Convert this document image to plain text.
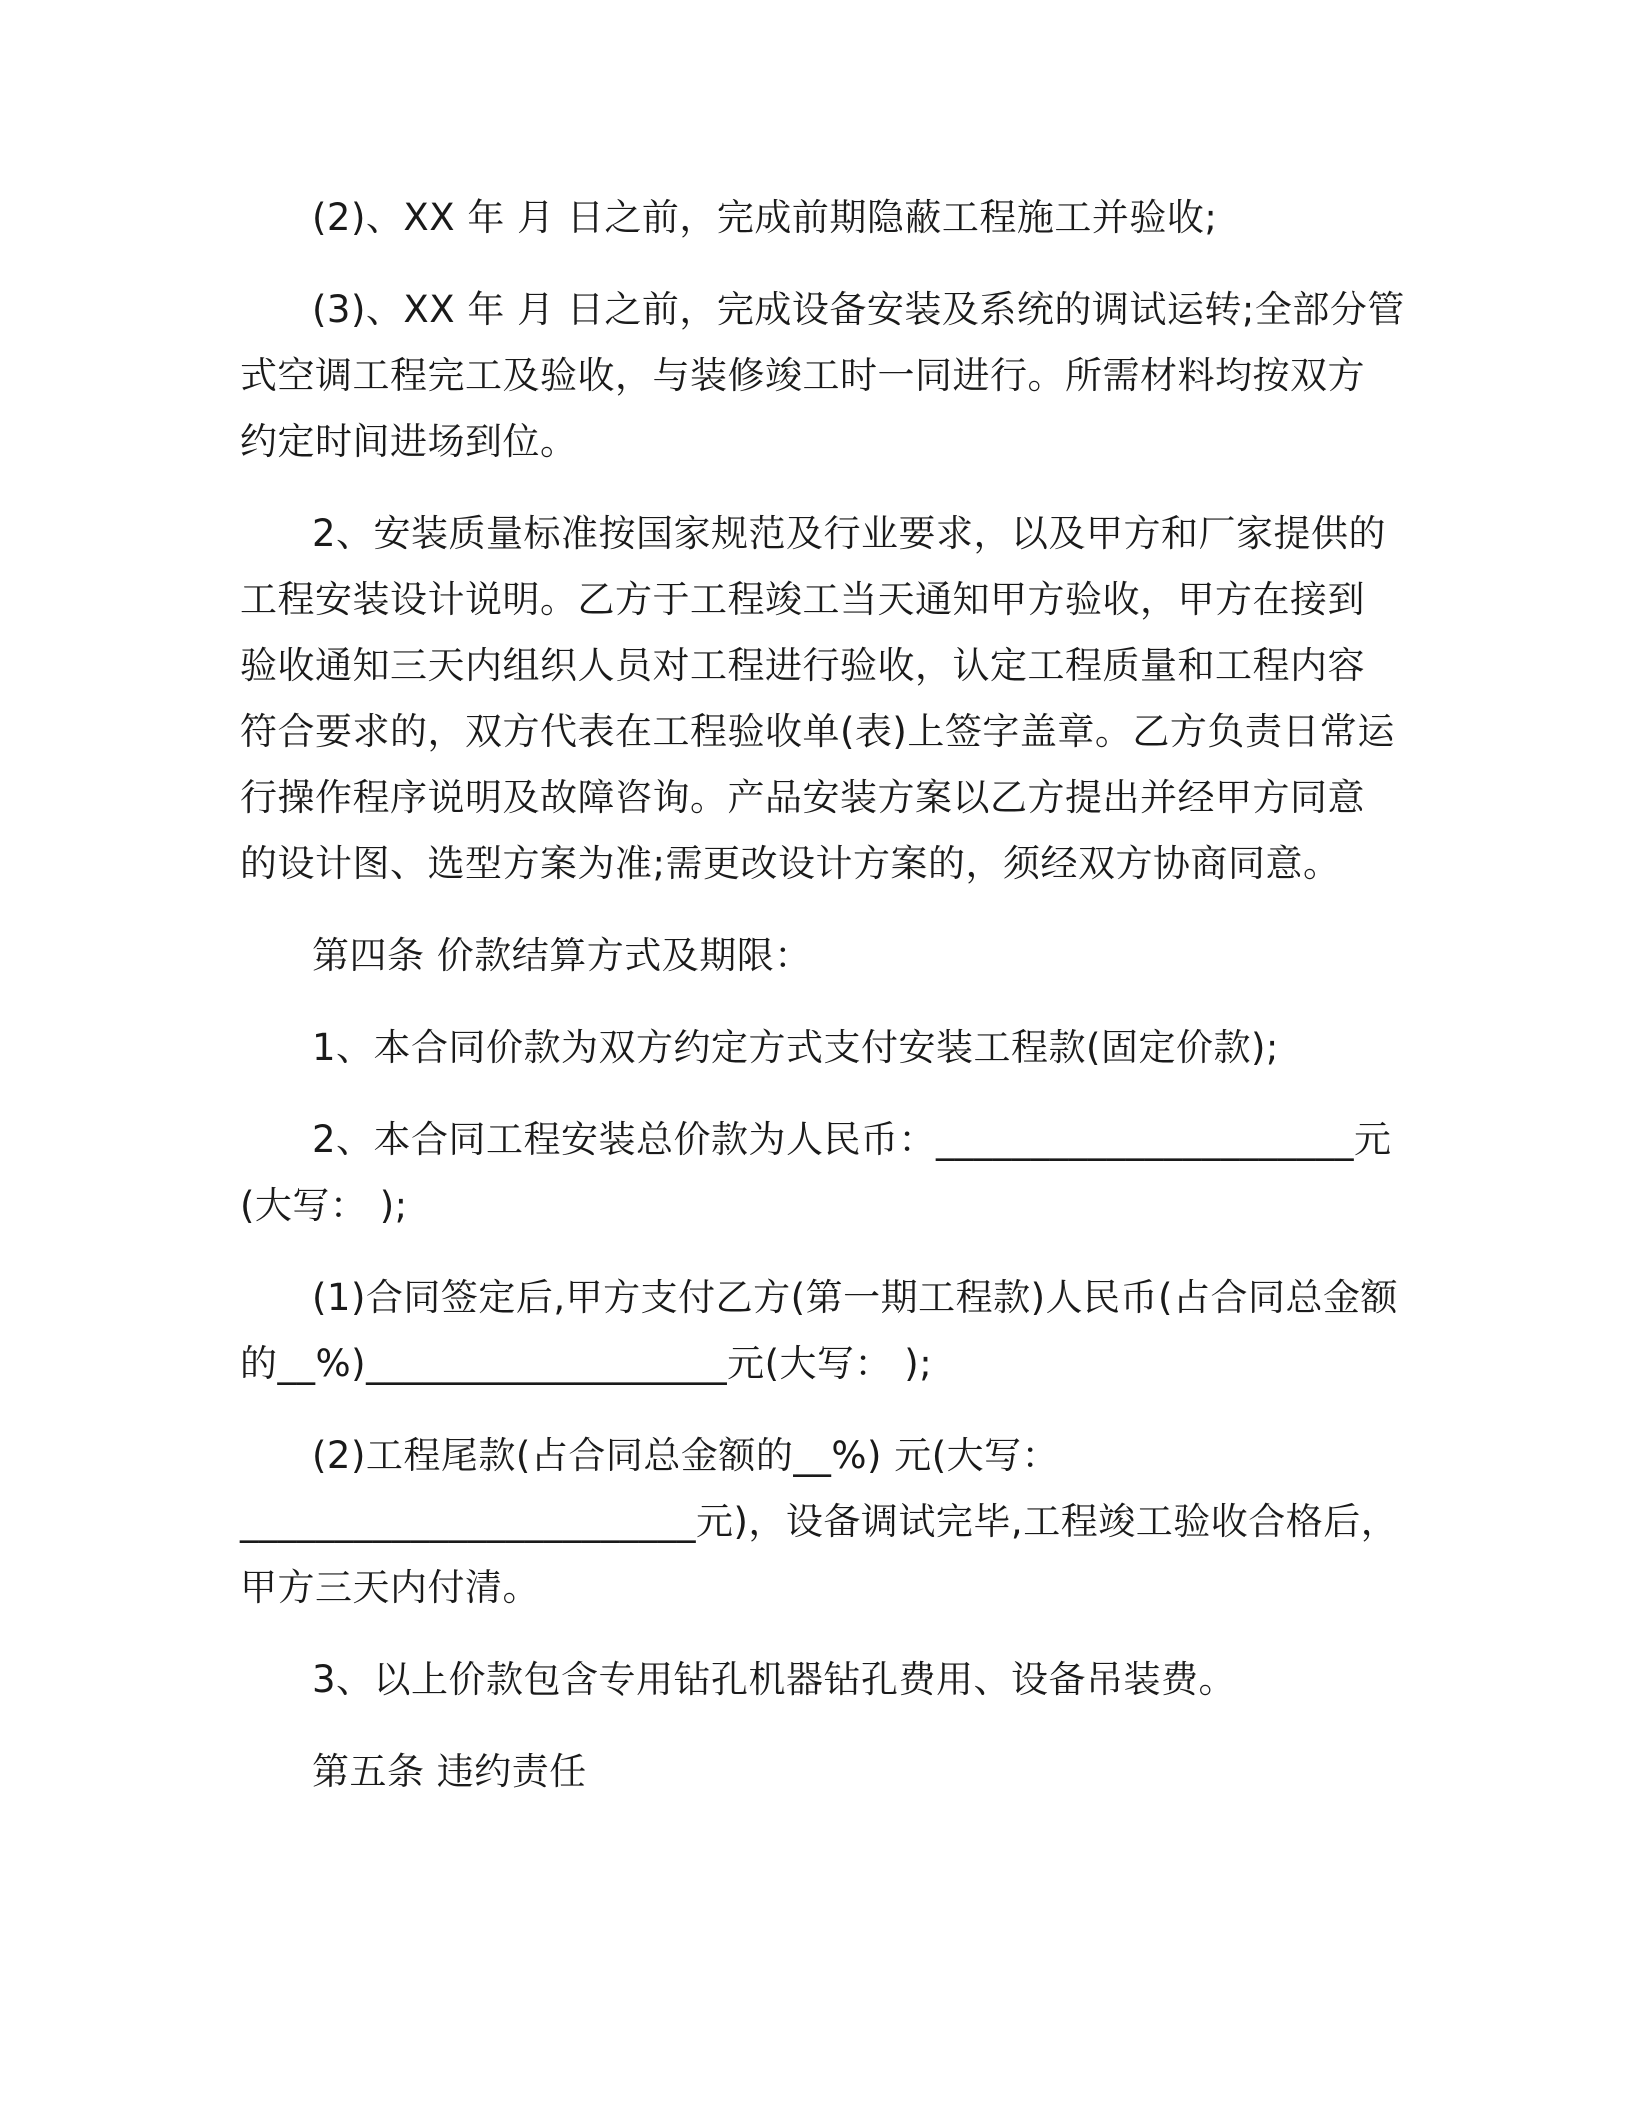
(2)、XX 年 月 日之前，完成前期隐蔽工程施工并验收;
(3)、XX 年 月 日之前，完成设备安装及系统的调试运转;全部分管
式空调工程完工及验收，与装修竣工时一同进行。所需材料均按双方
约定时间进场到位。
2、安装质量标准按国家规范及行业要求，以及甲方和厂家提供的
工程安装设计说明。乙方于工程竣工当天通知甲方验收，甲方在接到
验收通知三天内组织人员对工程进行验收，认定工程质量和工程内容
符合要求的，双方代表在工程验收单(表)上签字盖章。乙方负责日常运
行操作程序说明及故障咨询。产品安装方案以乙方提出并经甲方同意
的设计图、选型方案为准;需更改设计方案的，须经双方协商同意。
第四条 价款结算方式及期限：
1、本合同价款为双方约定方式支付安装工程款(固定价款);
2、本合同工程安装总价款为人民币：______________________元
(大写： );
(1)合同签定后,甲方支付乙方(第一期工程款)人民币(占合同总金额
的__%)___________________元(大写： );
(2)工程尾款(占合同总金额的__%) 元(大写：
________________________元)，设备调试完毕,工程竣工验收合格后，
甲方三天内付清。
3、以上价款包含专用钻孔机器钻孔费用、设备吊装费。
第五条 违约责任
